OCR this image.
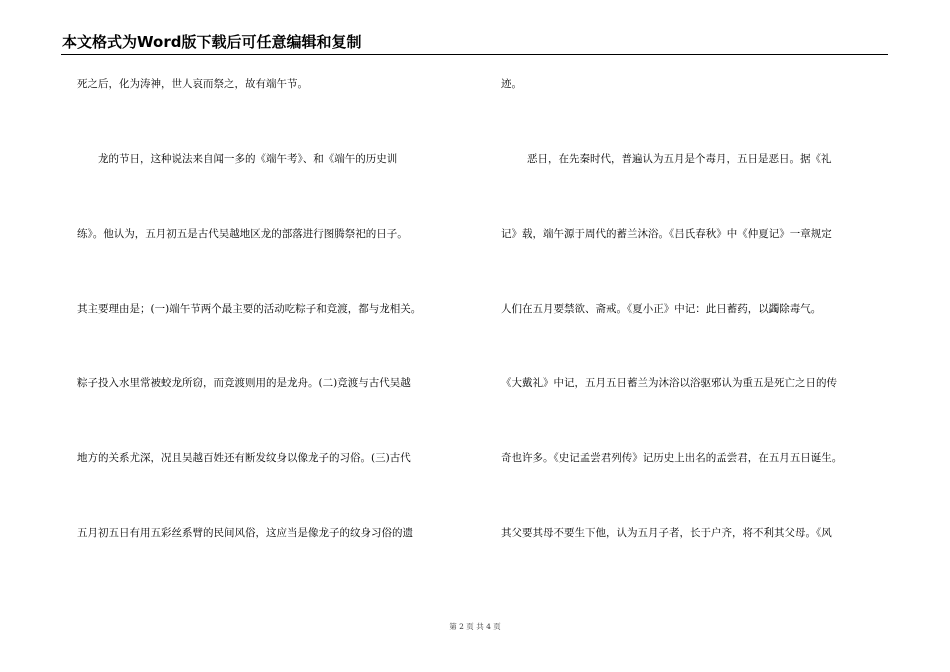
本文格式为Word版下载后可任意编辑和复制
死之后，化为涛神，世人哀而祭之，故有端午节。
龙的节日，这种说法来自闻一多的《端午考》、和《端午的历史训
练》。他认为，五月初五是古代吴越地区龙的部落进行图腾祭祀的日子。
其主要理由是；(一)端午节两个最主要的活动吃粽子和竞渡，都与龙相关。
粽子投入水里常被蛟龙所窃，而竞渡则用的是龙舟。(二)竞渡与古代吴越
地方的关系尤深，况且吴越百姓还有断发纹身以像龙子的习俗。(三)古代
五月初五日有用五彩丝系臂的民间风俗，这应当是像龙子的纹身习俗的遗
迹。
恶日，在先秦时代，普遍认为五月是个毒月，五日是恶日。据《礼
记》载，端午源于周代的蓄兰沐浴。《吕氏春秋》中《仲夏记》一章规定
人们在五月要禁欲、斋戒。《夏小正》中记：此日蓄药，以蠲除毒气。
《大戴礼》中记，五月五日蓄兰为沐浴以浴驱邪认为重五是死亡之日的传
奇也许多。《史记孟尝君列传》记历史上出名的孟尝君，在五月五日诞生。
其父要其母不要生下他，认为五月子者，长于户齐，将不利其父母。《风
第 2 页 共 4 页
